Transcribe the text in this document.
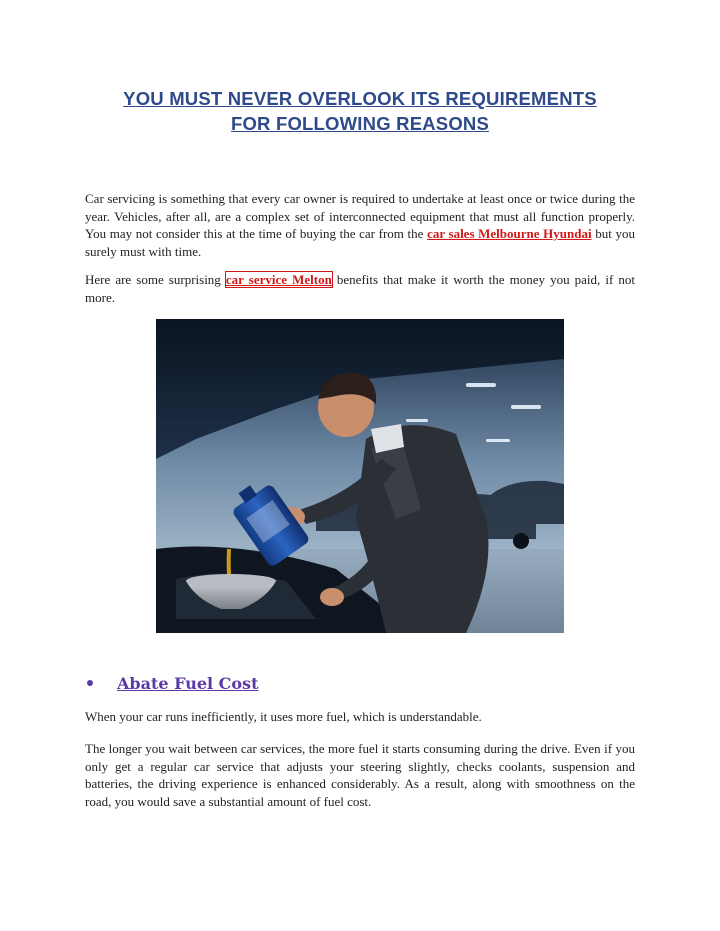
YOU MUST NEVER OVERLOOK ITS REQUIREMENTS
FOR FOLLOWING REASONS

Car servicing is something that every car owner is required to undertake at least once or twice during the year. Vehicles, after all, are a complex set of interconnected equipment that must all function properly. You may not consider this at the time of buying the car from the car sales Melbourne Hyundai but you surely must with time.

Here are some surprising car service Melton benefits that make it worth the money you paid, if not more.

Abate Fuel Cost

When your car runs inefficiently, it uses more fuel, which is understandable.

The longer you wait between car services, the more fuel it starts consuming during the drive. Even if you only get a regular car service that adjusts your steering slightly, checks coolants, suspension and batteries, the driving experience is enhanced considerably. As a result, along with smoothness on the road, you would save a substantial amount of fuel cost.
